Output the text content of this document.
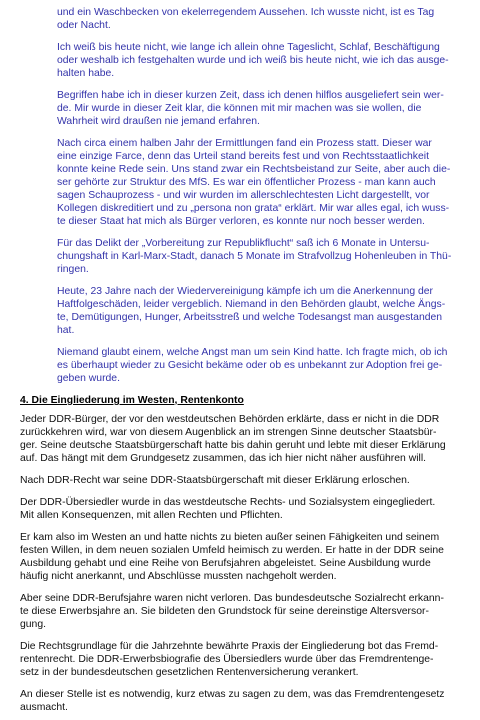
und ein Waschbecken von ekelerregendem Aussehen. Ich wusste nicht, ist es Tag

oder Nacht.

Ich weiß bis heute nicht, wie lange ich allein ohne Tageslicht, Schlaf, Beschäftigung

oder weshalb ich festgehalten wurde und ich weiß bis heute nicht, wie ich das ausge-

halten habe.

Begriffen habe ich in dieser kurzen Zeit, dass ich denen hilflos ausgeliefert sein wer-

de. Mir wurde in dieser Zeit klar, die können mit mir machen was sie wollen, die

Wahrheit wird draußen nie jemand erfahren.

Nach circa einem halben Jahr der Ermittlungen fand ein Prozess statt. Dieser war

eine einzige Farce, denn das Urteil stand bereits fest und von Rechtsstaatlichkeit

konnte keine Rede sein. Uns stand zwar ein Rechtsbeistand zur Seite, aber auch die-

ser gehörte zur Struktur des MfS. Es war ein öffentlicher Prozess - man kann auch

sagen Schauprozess - und wir wurden im allerschlechtesten Licht dargestellt, vor

Kollegen diskreditiert und zu „persona non grata“ erklärt. Mir war alles egal, ich wuss-

te dieser Staat hat mich als Bürger verloren, es konnte nur noch besser werden.

Für das Delikt der „Vorbereitung zur Republikflucht“ saß ich 6 Monate in Untersu-

chungshaft in Karl-Marx-Stadt, danach 5 Monate im Strafvollzug Hohenleuben in Thü-

ringen.

Heute, 23 Jahre nach der Wiedervereinigung kämpfe ich um die Anerkennung der

Haftfolgeschäden, leider vergeblich. Niemand in den Behörden glaubt, welche Ängs-

te, Demütigungen, Hunger, Arbeitsstreß und welche Todesangst man ausgestanden

hat.

Niemand glaubt einem, welche Angst man um sein Kind hatte. Ich fragte mich, ob ich

es überhaupt wieder zu Gesicht bekäme oder ob es unbekannt zur Adoption frei ge-

geben wurde.

4. Die Eingliederung im Westen, Rentenkonto
Jeder DDR-Bürger, der vor den westdeutschen Behörden erklärte, dass er nicht in die DDR
zurückkehren wird, war von diesem Augenblick an im strengen Sinne deutscher Staatsbür-
ger. Seine deutsche Staatsbürgerschaft hatte bis dahin geruht und lebte mit dieser Erklärung
auf. Das hängt mit dem Grundgesetz zusammen, das ich hier nicht näher ausführen will.
Nach DDR-Recht war seine DDR-Staatsbürgerschaft mit dieser Erklärung erloschen.
Der DDR-Übersiedler wurde in das westdeutsche Rechts- und Sozialsystem eingegliedert.
Mit allen Konsequenzen, mit allen Rechten und Pflichten.
Er kam also im Westen an und hatte nichts zu bieten außer seinen Fähigkeiten und seinem
festen Willen, in dem neuen sozialen Umfeld heimisch zu werden. Er hatte in der DDR seine
Ausbildung gehabt und eine Reihe von Berufsjahren abgeleistet. Seine Ausbildung wurde
häufig nicht anerkannt, und Abschlüsse mussten nachgeholt werden.
Aber seine DDR-Berufsjahre waren nicht verloren. Das bundesdeutsche Sozialrecht erkann-
te diese Erwerbsjahre an. Sie bildeten den Grundstock für seine dereinstige Altersversor-
gung.
Die Rechtsgrundlage für die Jahrzehnte bewährte Praxis der Eingliederung bot das Fremd-
rentenrecht. Die DDR-Erwerbsbiografie des Übersiedlers wurde über das Fremdrentenge-
setz in der bundesdeutschen gesetzlichen Rentenversicherung verankert.
An dieser Stelle ist es notwendig, kurz etwas zu sagen zu dem, was das Fremdrentengesetz
ausmacht.
